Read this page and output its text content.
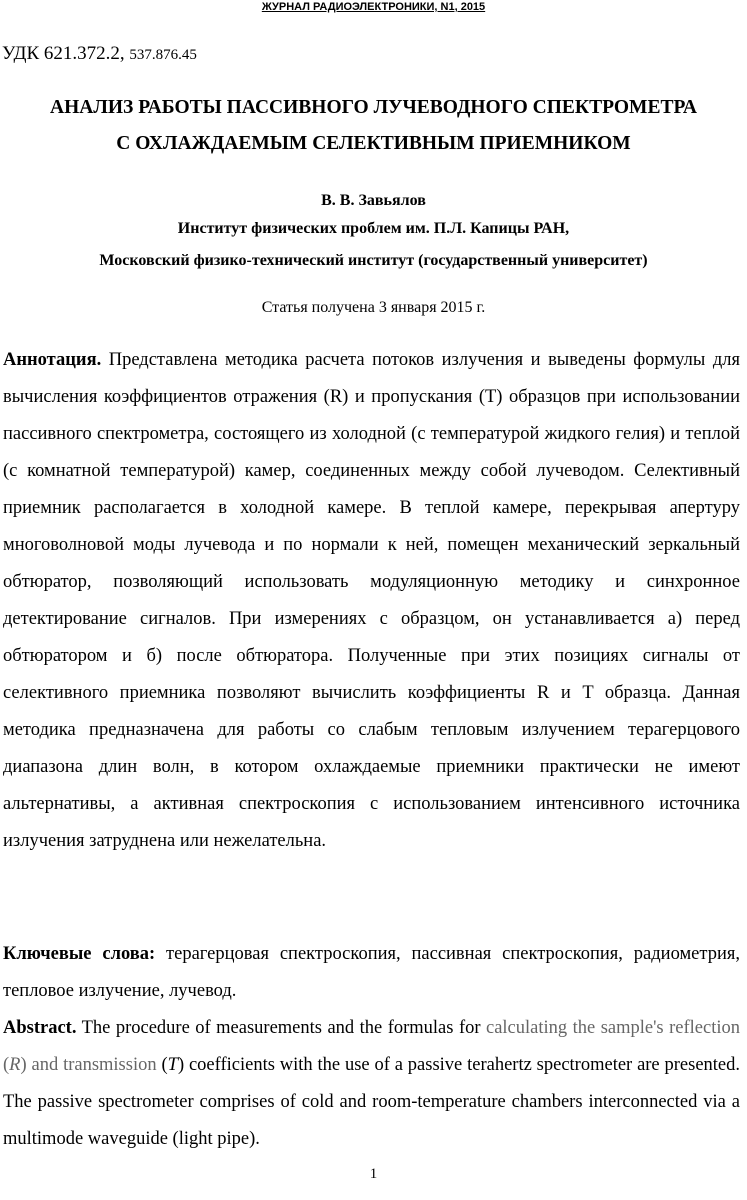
ЖУРНАЛ РАДИОЭЛЕКТРОНИКИ, N1, 2015
УДК 621.372.2, 537.876.45
АНАЛИЗ РАБОТЫ ПАССИВНОГО ЛУЧЕВОДНОГО СПЕКТРОМЕТРА
С ОХЛАЖДАЕМЫМ СЕЛЕКТИВНЫМ ПРИЕМНИКОМ
В. В. Завьялов
Институт физических проблем им. П.Л. Капицы РАН,
Московский физико-технический институт (государственный университет)
Статья получена 3 января 2015 г.
Аннотация. Представлена методика расчета потоков излучения и выведены формулы для вычисления коэффициентов отражения (R) и пропускания (T) образцов при использовании пассивного спектрометра, состоящего из холодной (с температурой жидкого гелия) и теплой (с комнатной температурой) камер, соединенных между собой лучеводом. Селективный приемник располагается в холодной камере. В теплой камере, перекрывая апертуру многоволновой моды лучевода и по нормали к ней, помещен механический зеркальный обтюратор, позволяющий использовать модуляционную методику и синхронное детектирование сигналов. При измерениях с образцом, он устанавливается а) перед обтюратором и б) после обтюратора. Полученные при этих позициях сигналы от селективного приемника позволяют вычислить коэффициенты R и T образца. Данная методика предназначена для работы со слабым тепловым излучением терагерцового диапазона длин волн, в котором охлаждаемые приемники практически не имеют альтернативы, а активная спектроскопия с использованием интенсивного источника излучения затруднена или нежелательна.
Ключевые слова: терагерцовая спектроскопия, пассивная спектроскопия, радиометрия, тепловое излучение, лучевод.
Abstract. The procedure of measurements and the formulas for calculating the sample's reflection (R) and transmission (T) coefficients with the use of a passive terahertz spectrometer are presented. The passive spectrometer comprises of cold and room-temperature chambers interconnected via a multimode waveguide (light pipe).
1
